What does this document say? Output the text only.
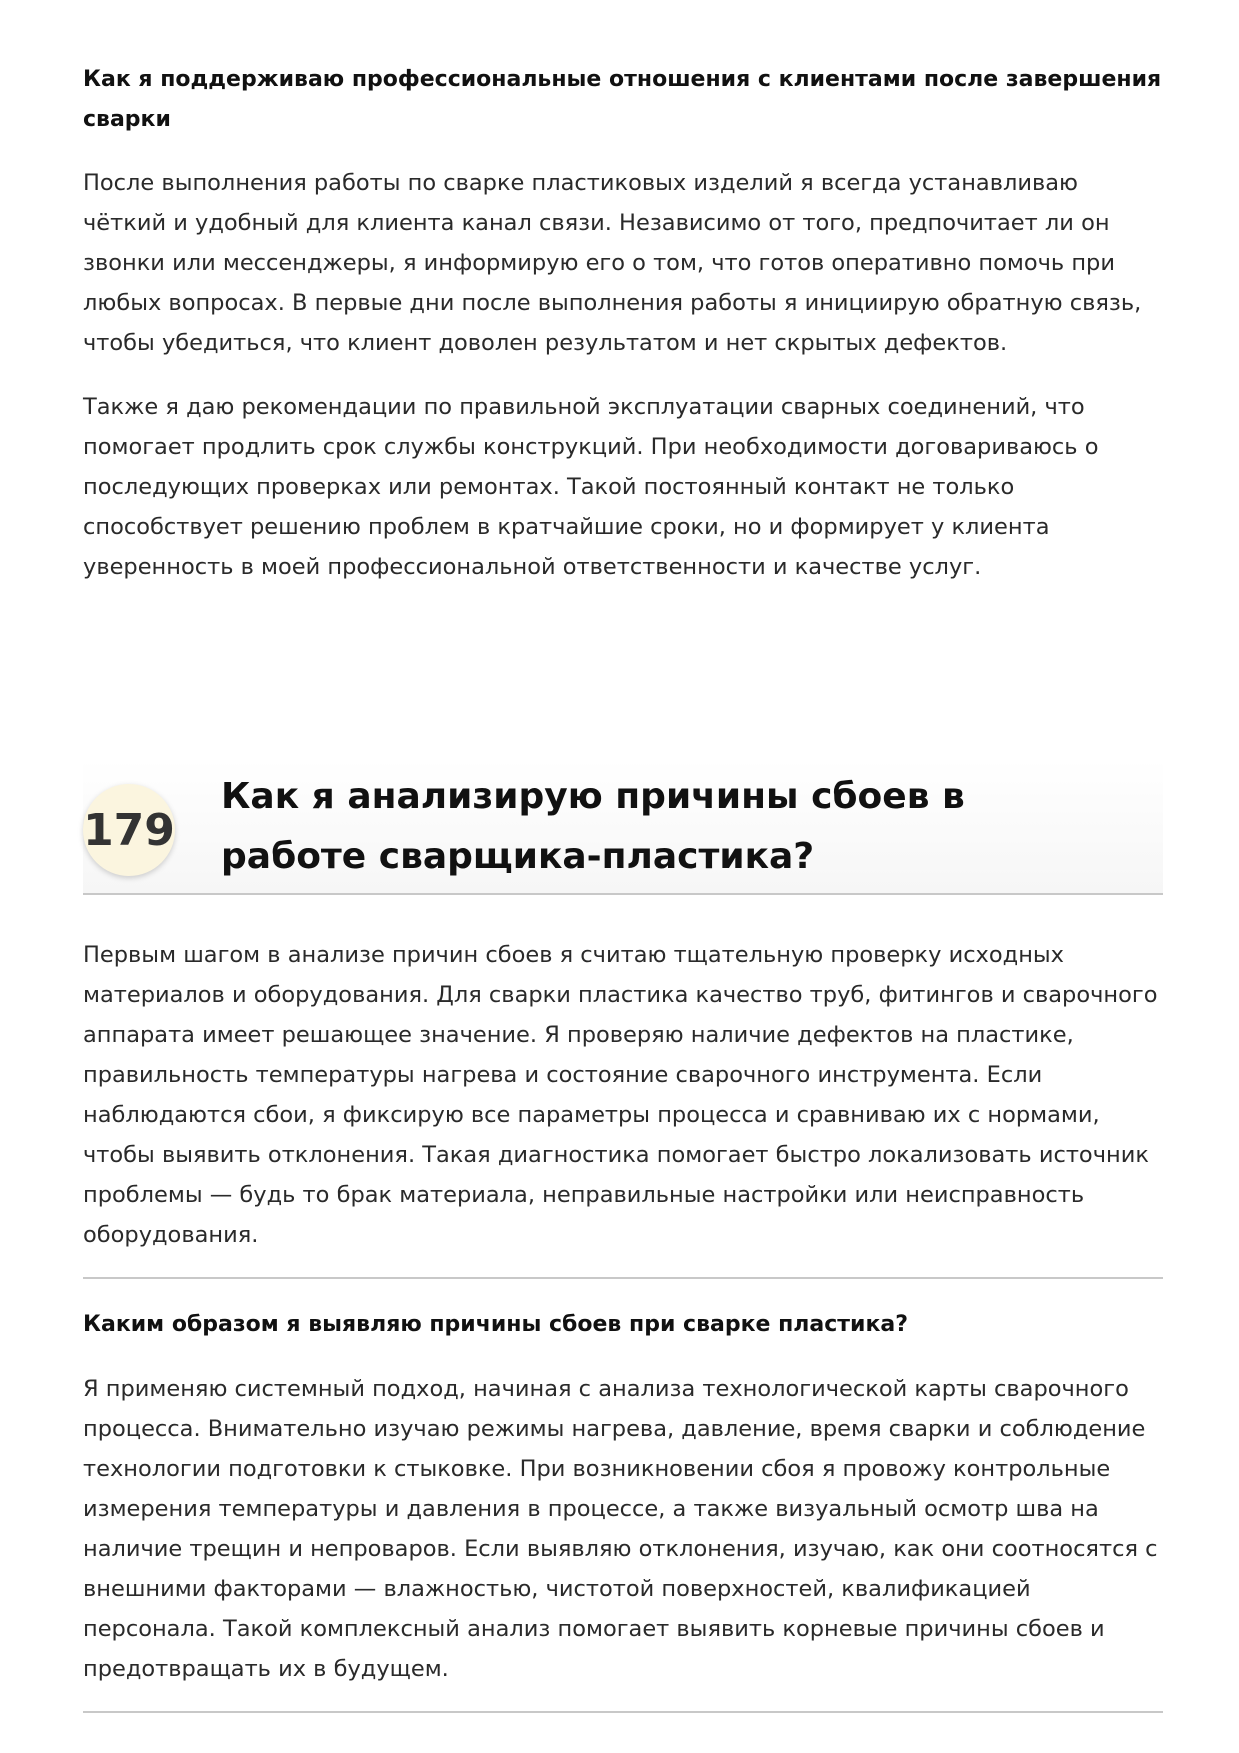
Как я поддерживаю профессиональные отношения с клиентами после завершения сварки

После выполнения работы по сварке пластиковых изделий я всегда устанавливаю чёткий и удобный для клиента канал связи. Независимо от того, предпочитает ли он звонки или мессенджеры, я информирую его о том, что готов оперативно помочь при любых вопросах. В первые дни после выполнения работы я инициирую обратную связь, чтобы убедиться, что клиент доволен результатом и нет скрытых дефектов.

Также я даю рекомендации по правильной эксплуатации сварных соединений, что помогает продлить срок службы конструкций. При необходимости договариваюсь о последующих проверках или ремонтах. Такой постоянный контакт не только способствует решению проблем в кратчайшие сроки, но и формирует у клиента уверенность в моей профессиональной ответственности и качестве услуг.

179
Как я анализирую причины сбоев в работе сварщика-пластика?

Первым шагом в анализе причин сбоев я считаю тщательную проверку исходных материалов и оборудования. Для сварки пластика качество труб, фитингов и сварочного аппарата имеет решающее значение. Я проверяю наличие дефектов на пластике, правильность температуры нагрева и состояние сварочного инструмента. Если наблюдаются сбои, я фиксирую все параметры процесса и сравниваю их с нормами, чтобы выявить отклонения. Такая диагностика помогает быстро локализовать источник проблемы — будь то брак материала, неправильные настройки или неисправность оборудования.

Каким образом я выявляю причины сбоев при сварке пластика?

Я применяю системный подход, начиная с анализа технологической карты сварочного процесса. Внимательно изучаю режимы нагрева, давление, время сварки и соблюдение технологии подготовки к стыковке. При возникновении сбоя я провожу контрольные измерения температуры и давления в процессе, а также визуальный осмотр шва на наличие трещин и непроваров. Если выявляю отклонения, изучаю, как они соотносятся с внешними факторами — влажностью, чистотой поверхностей, квалификацией персонала. Такой комплексный анализ помогает выявить корневые причины сбоев и предотвращать их в будущем.
